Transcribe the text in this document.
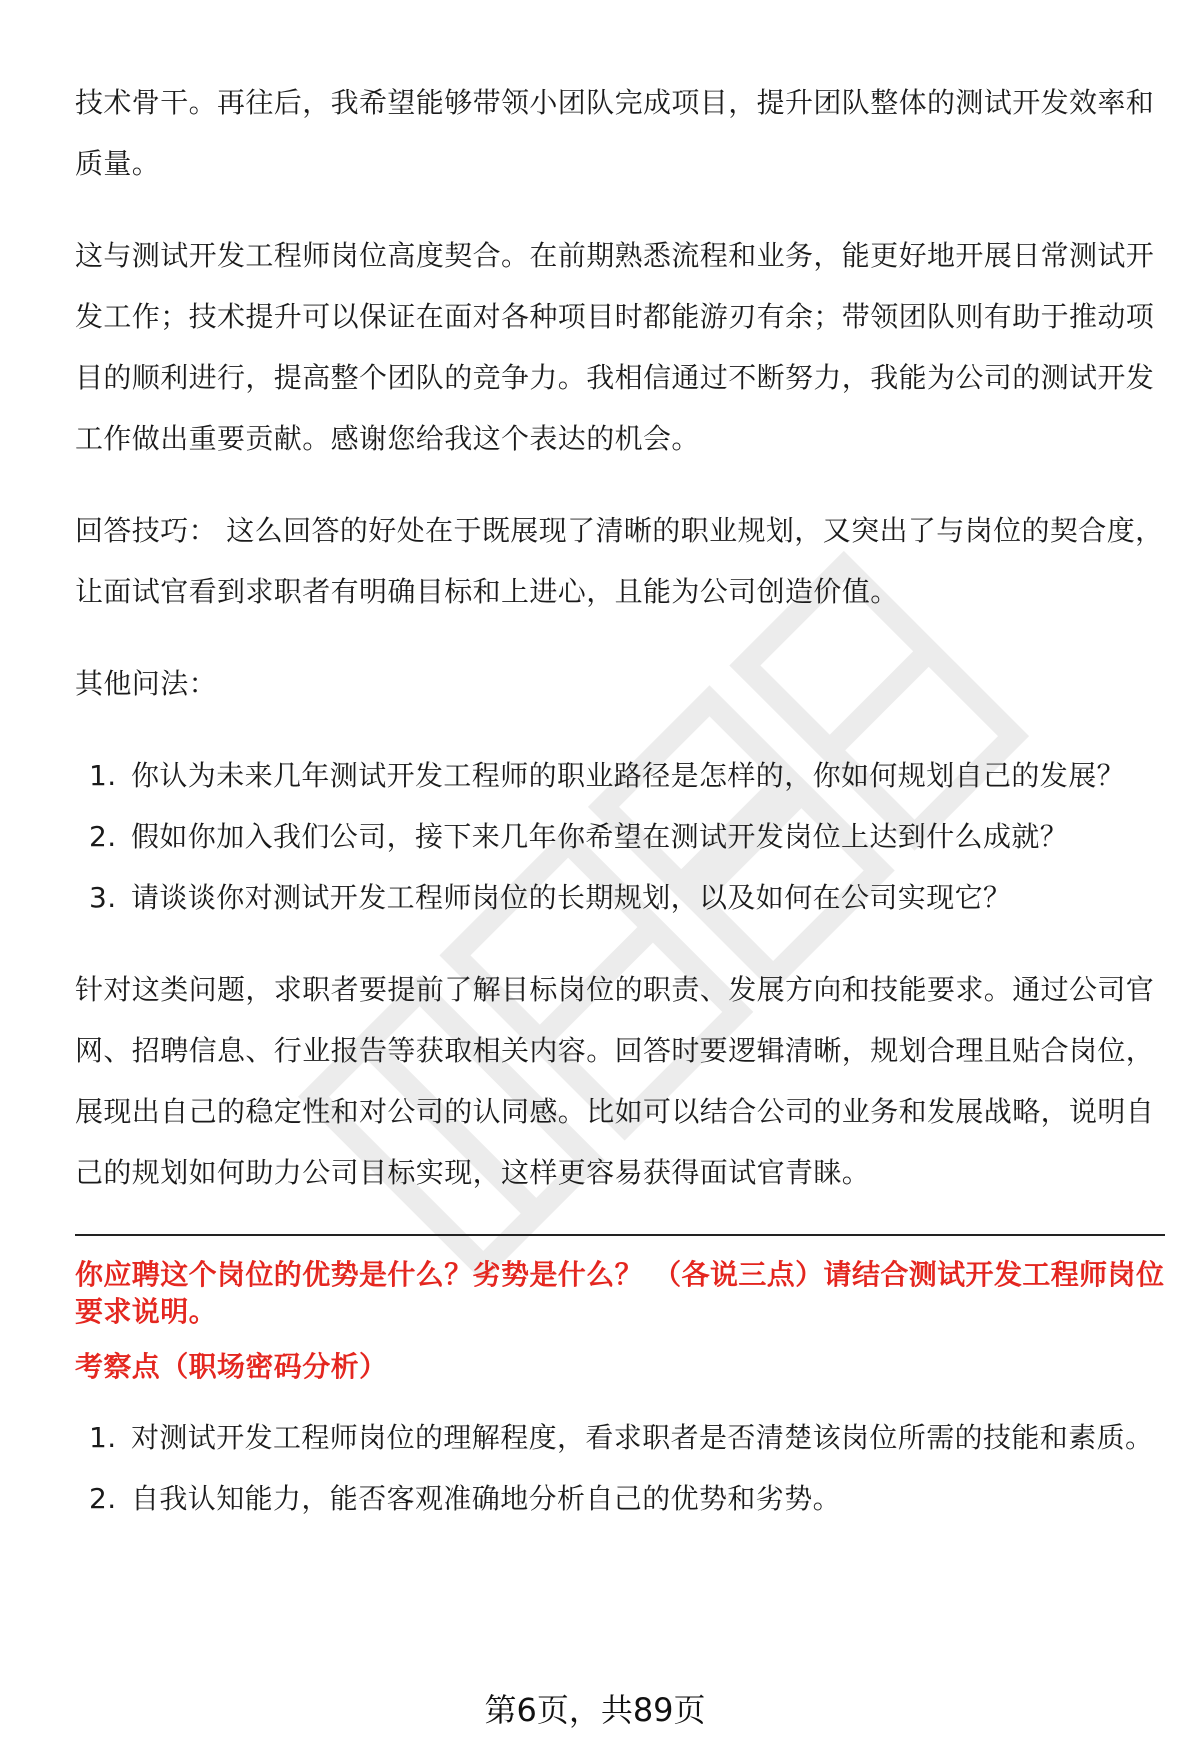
技术骨干。再往后，我希望能够带领小团队完成项目，提升团队整体的测试开发效率和质量。

这与测试开发工程师岗位高度契合。在前期熟悉流程和业务，能更好地开展日常测试开发工作；技术提升可以保证在面对各种项目时都能游刃有余；带领团队则有助于推动项目的顺利进行，提高整个团队的竞争力。我相信通过不断努力，我能为公司的测试开发工作做出重要贡献。感谢您给我这个表达的机会。

回答技巧： 这么回答的好处在于既展现了清晰的职业规划，又突出了与岗位的契合度，让面试官看到求职者有明确目标和上进心，且能为公司创造价值。

其他问法：

1. 你认为未来几年测试开发工程师的职业路径是怎样的，你如何规划自己的发展？
2. 假如你加入我们公司，接下来几年你希望在测试开发岗位上达到什么成就？
3. 请谈谈你对测试开发工程师岗位的长期规划，以及如何在公司实现它？

针对这类问题，求职者要提前了解目标岗位的职责、发展方向和技能要求。通过公司官网、招聘信息、行业报告等获取相关内容。回答时要逻辑清晰，规划合理且贴合岗位，展现出自己的稳定性和对公司的认同感。比如可以结合公司的业务和发展战略，说明自己的规划如何助力公司目标实现，这样更容易获得面试官青睐。

你应聘这个岗位的优势是什么？劣势是什么？ （各说三点）请结合测试开发工程师岗位要求说明。
考察点（职场密码分析）
1. 对测试开发工程师岗位的理解程度，看求职者是否清楚该岗位所需的技能和素质。
2. 自我认知能力，能否客观准确地分析自己的优势和劣势。
第6页，共89页
